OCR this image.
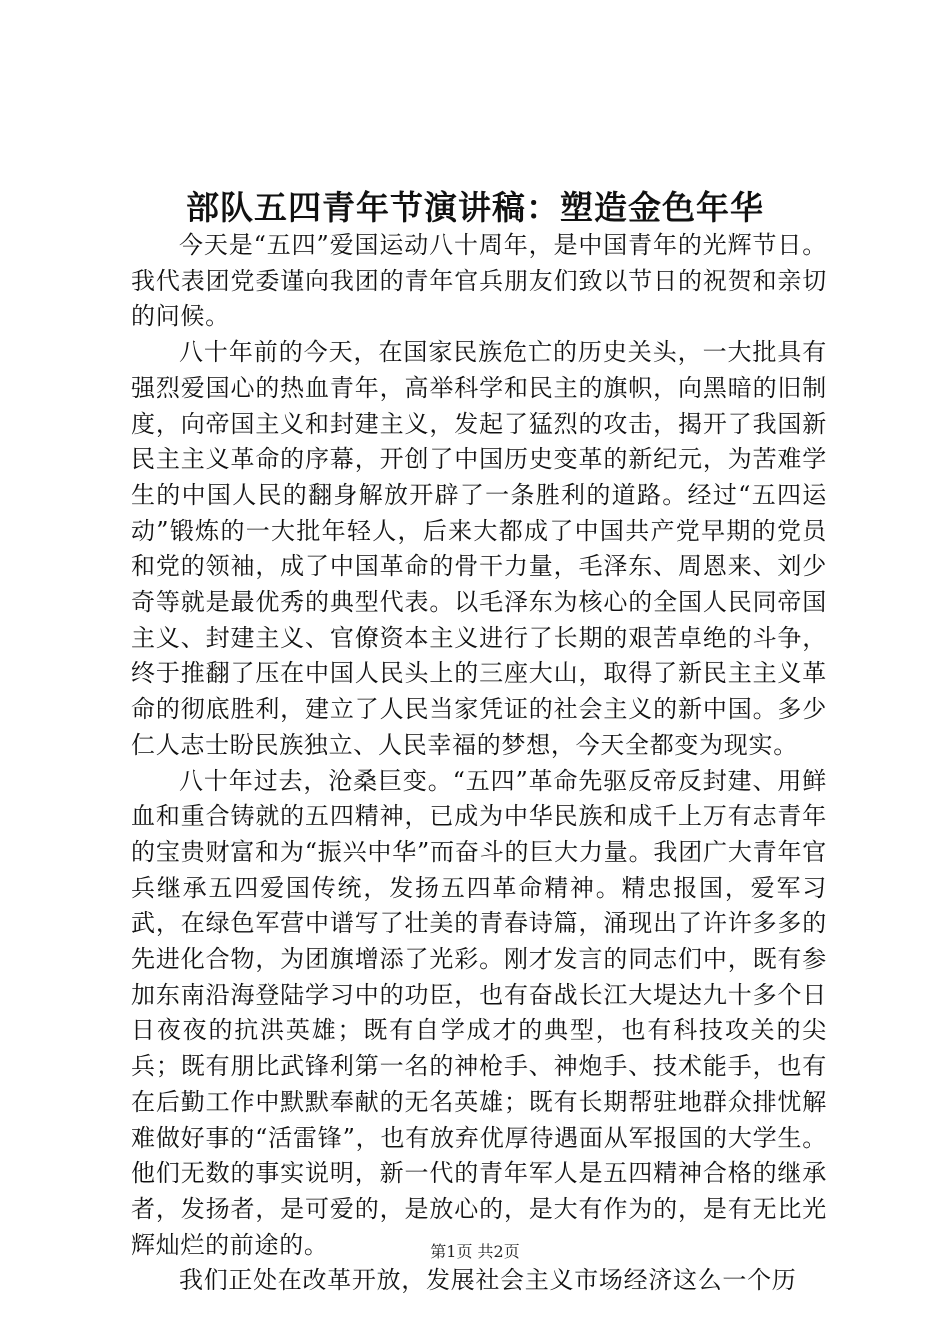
部队五四青年节演讲稿：塑造金色年华

今天是“五四”爱国运动八十周年，是中国青年的光辉节日。我代表团党委谨向我团的青年官兵朋友们致以节日的祝贺和亲切的问候。

八十年前的今天，在国家民族危亡的历史关头，一大批具有强烈爱国心的热血青年，高举科学和民主的旗帜，向黑暗的旧制度，向帝国主义和封建主义，发起了猛烈的攻击，揭开了我国新民主主义革命的序幕，开创了中国历史变革的新纪元，为苦难学生的中国人民的翻身解放开辟了一条胜利的道路。经过“五四运动”锻炼的一大批年轻人，后来大都成了中国共产党早期的党员和党的领袖，成了中国革命的骨干力量，毛泽东、周恩来、刘少奇等就是最优秀的典型代表。以毛泽东为核心的全国人民同帝国主义、封建主义、官僚资本主义进行了长期的艰苦卓绝的斗争，终于推翻了压在中国人民头上的三座大山，取得了新民主主义革命的彻底胜利，建立了人民当家凭证的社会主义的新中国。多少仁人志士盼民族独立、人民幸福的梦想，今天全都变为现实。

八十年过去，沧桑巨变。“五四”革命先驱反帝反封建、用鲜血和重合铸就的五四精神，已成为中华民族和成千上万有志青年的宝贵财富和为“振兴中华”而奋斗的巨大力量。我团广大青年官兵继承五四爱国传统，发扬五四革命精神。精忠报国，爱军习武，在绿色军营中谱写了壮美的青春诗篇，涌现出了许许多多的先进化合物，为团旗增添了光彩。刚才发言的同志们中，既有参加东南沿海登陆学习中的功臣，也有奋战长江大堤达九十多个日日夜夜的抗洪英雄；既有自学成才的典型，也有科技攻关的尖兵；既有朋比武锋利第一名的神枪手、神炮手、技术能手，也有在后勤工作中默默奉献的无名英雄；既有长期帮驻地群众排忧解难做好事的“活雷锋”，也有放弃优厚待遇面从军报国的大学生。他们无数的事实说明，新一代的青年军人是五四精神合格的继承者，发扬者，是可爱的，是放心的，是大有作为的，是有无比光辉灿烂的前途的。

我们正处在改革开放，发展社会主义市场经济这么一个历

第1页 共2页
